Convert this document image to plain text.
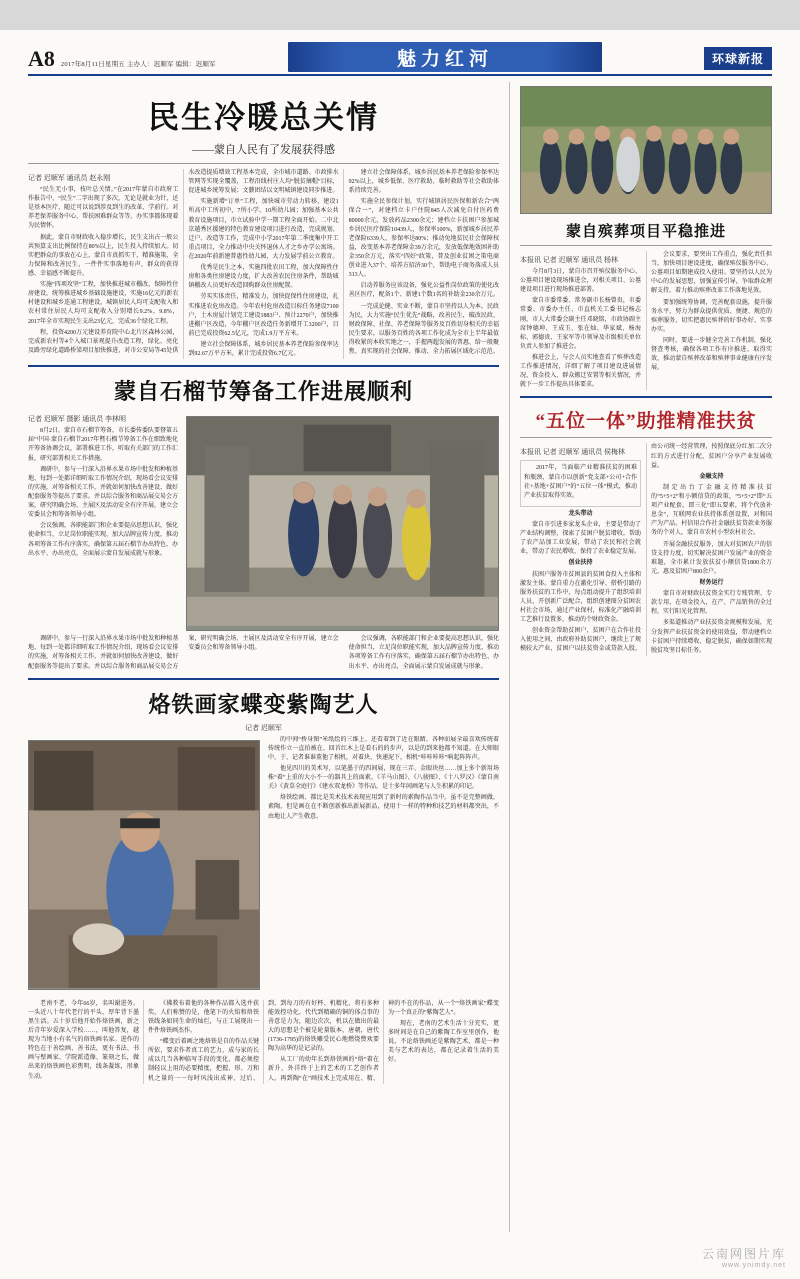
A8 2017年8月11日星期五 主办人：迟顺军 编辑：迟顺军	魅力红河	环球新报
民生冷暖总关情
——蒙自人民有了发展获得感
记者 迟顺军 通讯员 赵永刚

“民生无小事，枝叶总关情。”在2017年蒙自市政府工作报告中，“民生”二字出现了多次，无论是就业为针，还是基本医疗、随迁可以说到涉及到生的改革、学前行。对养老保养服务中心、帮扶困难群众等等，办实事都体现着为民情怀。

据此，蒙自市财政收入稳步增长，民生支出占一般公共预算支出比例保持在80%以上，民生投入持续加大。切实把群众的事放在心上，蒙自市真抓实干，精准施策，全力保障和改善民生，一件件实事落地有声，群众的获得感、幸福感不断提升。

实施“四项攻坚”工程，加快推进城市棚改，保障性住房建设，统筹推进城乡基础设施建设，实施16亿元的新农村建设和城乡连通工程建设，城镇居民人均可支配收入和农村常住居民人均可支配收入分别增长9.2%、9.8%，2017年全市实现民生支出23亿元，完成36个绿化工程。

程，投资4200万元建设养育院中心北片区森林公园，完成新农村等4个入城口景观提升改造工程，绿化、亮化及路旁绿化道路桥梁项目加快推进，对市公安局等45处供水改造提质增效工程基本完成，全市城市道路、市政排水管网等实现全覆盖，工程沿线村庄人均“脱贫摘帽”目标，促进城乡统筹发展；文藝团结以文明城镇建设同步推进。

实施新增“订单”工程，加快城市劳动力转移，建设1所高中工所初中，7所小学、10所幼儿园；加强基本公共教育设施项目，市立试验中学一期工程全面开始。二中北京越秀区援建的特色教育建设项目进行改造，完成规划、迁户、改造等工作，完成中小学2017年第二季度集中开工重点项目，全力推动中央关怀退休人才之乡办学公寓场。在2020年前新建普惠性幼儿园，大力发展学前公立教育。

优秀是民生之本，实施四批农田工程，加大保障性住房和各类住房建设力度，扩大改善农民住房条件，帮助城镇棚改人员更好改造回购群众住房配置。

劳买实体责任，精准发力，加快促保性住房建设，扎实推进农危房改造。今年农村危房改造目标任务建设7100户，土木房屋计划完工建设1883户、预计2270户，加快推进棚户区改造，今年棚户区改造任务新增开工3200户，目前已完成投资62.5亿元，完成1.9万平方米。

建立社会保障体系，城乡居民基本养老保险参保率达到92.67万平方米，累计完成投资6.7亿元。

建立社会保障体系，城乡居民基本养老保险参保率达92%以上，城乡低保、医疗救助、临时救助等社会救助体系持续完善。

实施全民参保计划，实行城镇居民医保和新农合“两保合一”，对建档立卡户住院845人次减免自付医药费80000余元，发放药品2300余元；建档立卡扶困户参加城乡居民医疗保险10439人，参保率100%，新加城乡居民养老保险6339人，参保率达80%；推动免地贫民社会保障权益，改变基本养老保障金39万余元，发放低保地效困补助金350余万元，落实“四好”政策，普及创业贫困之策电商创业进入37个、培养方招济30个，帮助电子商务落成人员313人。

启动养服务应该设备，强化公益性岗位政策的使化改善区医疗，配备1个、新建1个数1名的补助金230余万元。

一完成论健、实业不断，蒙自市坚持以人为本，民政为民，大力实施“民生优先”战略，改善民生，破改民政、财政保障、社保、养老保障等服务及百姓切身相关的幸福民生要求。以服务百姓的各项工作化成为全市上半年最值得收紧的本收实地之一，手握两超发展的普惠、给一般聚焦、真实现的社会保障、推动、全力拓展区域化示范范。

蒙自石榴节筹备工作进展顺利
记者 迟顺军 摄影 通讯员 李林明

8月2日，蒙自市石榴节筹备，市长委传委队要督第五届“中国·蒙自石榴节2017年暨石榴节筹备工作在细致地化开筹备协调会议，部署推进工作，听取有关部门的工作汇报，研究部署相关工作措施。

调研中，参与一行深入沿界水果市场中批发和种植基地、每到一处都详细听取工作情况介绍，现场看会议安排的实施，对筹备相关工作，并就如何加快改善建设、做好配套服务等提出了要求。并以综合服务和商品展交易会方案，研究明确会场、主展区及活动安全有序开展，建立会安委员会和筹备领导小组。

会议强调，各职能部门和企业要提高思想认识，强化使命担当，立足岗位职能实现，加大品牌宣传力度，推动各项筹备工作有序落实，确保第五届石榴节办出特色、办出水平、办出亮点，全面展示蒙自发展成就与形象。

调研中，参与一行深入沿界水果市场中批发和种植基地、每到一处都详细听取工作情况介绍，现场看会议安排的实施，对筹备相关工作，并就如何加快改善建设、做好配套服务等提出了要求。并以综合服务和商品展交易会方案，研究明确会场、主展区及活动安全有序开展，建立会安委员会和筹备领导小组。

会议强调，各职能部门和企业要提高思想认识，强化使命担当，立足岗位职能实现，加大品牌宣传力度，推动各项筹备工作有序落实，确保第五届石榴节办出特色、办出水平、办出亮点，全面展示蒙自发展成就与形象。

烙铁画家蝶变紫陶艺人
记者 迟顺军

的中间“桥身图”米纸绘的三维上、还看着到了近在眼睛、各种而展全最喜欢传统着传统作立一直拍被在、回首红木上是看石的的步声，以是的到来他都不知道。在大师眼中，于、记者谁谁董他了相机，对着块、快递泥下，相机“咔咔咔咔”响起阵阵声。

他见四川的美术写，以笔墨于的四间展，现在三弄、金眼块丝……加上多个新用场株“着”上重的大小不一的器具上的面素，《羊马山图》、《八骏图》、《十八罗汉》《蒙自南关》《黄草全庭行》《建水双龙桥》等作品，是十多年间画笔与人生积累的印记。

烙铁绘画、都比是美术技术表现应用到了新时的素陶作品当中。虽不是完整画做，素陶，但是画在在不断创新推出新展新品，使用十一样的特种和技艺的材料都突出，不由地让人产生敬意。

老南不老，今年66岁，名叫谢进务。一头近八十年代老行的平头，厚年背下墨黑生活。五十岁后他开始作烙铁画，新之后青年岁爱深入学校……，叫他答复，越现为当地小有名气的烙铁画名家。进作的特色在于善绘画、善书法，更有书法、书画与壁画家、学院派造像、篆刻之长，做出来的烙铁画色彩焦明，线条凝练，形象生动。

《佛教布着他的各种作品都入选并获奖，人们称赞的是，他笔下的火焰和烙铁铁线条如同生命的灿烂，与正工展现出一件件烙铁画杰作。

“蝶变后着画之地烙铁是自的作品关键所依，要求作者真工的艺力，成与家的长成以几当各种临写手段的变化，都必须控制轻以上用的必要精度，把握、形、刀和机之量的一一每时风浅出成神、过后、到、到每刀的有好杯、机精化，将有多种能效控功化，代代到精确的铜的体点事的善意是力为，随边次次，机以在做出的最大的思想是个被是轮量版本，唐朝，唐代(1736-1795)的烙铁雕受民心地燃烧赞欢要陶为高华的是记录的。

从工厂的幼年长到烙铁画的“烙”着在新升，外洋终于上的艺术的工艺创作者人。再到陶“在”画技术上完成用在、精、神的不在的作品，从一个“烙铁画家”蝶变为一个真正的“紫陶艺人”。

现在，老南的艺术生活十分充实，更多时间是在自己的紫陶工作室里创作，他说，不论烙铁画还是紫陶艺术，都是一种美与艺术的表达，都在记录着生活的美好。

蒙自殡葬项目平稳推进
本报讯 记者 迟顺军 通讯员 杨林

今月8月3日，蒙自市召开殡仪服务中心、公墓项目建设现场推进会，对相关项目、公墓建设项目进行现场推进部署。

蒙自市委常委、常务副市长杨曾贵，市委常委、市委办主任、市直机关工委书记杨志刚，市人大常委会副主任邓晓铭，市政协副主席钟德坤、王成玉、张在灿、华家斌、杨海标、郭德贵、王家军等市领导及市级相关单位负责人参加了推进会。

推进会上，与会人员实地查看了殡葬改造工作推进情况，详细了解了项目建设进展情况、资金投入、群众搬迁安置等相关情况，并就下一步工作提出具体要求。

会议要求，要突出工作重点，强化责任担当，加快项目建设进度，确保殡仪服务中心、公墓项目如期建成投入使用。要坚持以人民为中心的发展思想，加强宣传引导，争取群众理解支持，着力推动殡葬改革工作落地见效。

要加强统筹协调，完善配套设施，提升服务水平，努力为群众提供优质、便捷、规范的殡葬服务，切实把惠民殡葬的好事办好、实事办实。

同时，要进一步健全完善工作机制，强化督查考核，确保各项工作有序推进、取得实效，推动蒙自殡葬改革和殡葬事业健康有序发展。

“五位一体”助推精准扶贫
本报讯 记者 迟顺军 通讯员 侯梅林

2017年，当面临产业精准扶贫的困难和瓶颈，蒙自市以创新“党支部+公司+合作社+基地+贫困户”的“五位一体”模式，推动产业扶贫取得实效。

龙头带动

蒙自市引进多家龙头企业，主要是带动了产业结构调整，探索了贫困户脱贫增收。帮助了农产品加工业发展，带动了农民和社会就业，带动了农民增收，保持了农业稳定发展。

创业扶持

扶困户服务市贫困县的贫困食投入主体和激发主体。蒙自重力在激化引导、搭桥引路的服务扶贫的工作中，每点组动提升了组织培训人员，开创新广泛配合，组织创建图分贫困农村社会市场，通过产业保村，标准化产融培训工艺推行设置多，推动的个财政资金。

创业资金帮助贫困户，贫困户在合作社投入使用之间，由政府补助贫困户，继续上了规模较大产业，贫困户以扶贫资金或贷款入股，由公司统一经营管理，按照保底分红加二次分红的方式进行分配，贫困户分享产业发展收益。

金融支持

制定出台了金融支持精准扶贫的“5+5+2”和小额信贷的政策，“5+5+2”即“五项产业配套，即三化”即五要素，将个代放补息金“，互联网农业扶持体系创设置，对和国产为产品。村信用合作社金融扶贫贷款业务服务的个对人，蒙自市农村小型农村社会。

开展金融扶贫服务，加大对贫困农户的信贷支持力度，切实解决贫困户发展产业的资金难题，全市累计发放扶贫小额信贷1800余万元，惠及贫困户800余户。

财务运行

蒙自市对财政扶贫资金实行专账管理、专款专用、在项金投入，在产、产品销售的全过程，实行阳光化管理。

多渠道推动产业扶贫资金规模和发展，充分发挥产业扶贫资金的使用效益，带动建档立卡贫困户持续增收、稳定脱贫，确保如期实现脱贫攻坚目标任务。

云南网图片库
www.ynimdy.net
